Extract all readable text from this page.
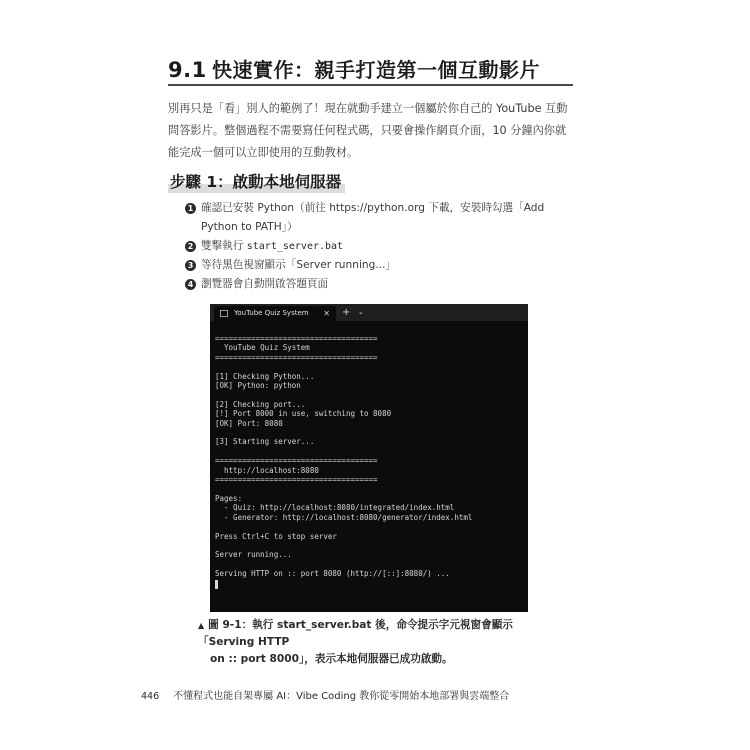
9.1 快速實作：親手打造第一個互動影片

別再只是「看」別人的範例了！現在就動手建立一個屬於你自己的 YouTube 互動問答影片。整個過程不需要寫任何程式碼，只要會操作網頁介面，10 分鐘內你就能完成一個可以立即使用的互動教材。

步驟 1：啟動本地伺服器
1 確認已安裝 Python（前往 https://python.org 下載，安裝時勾選「Add Python to PATH」）
2 雙擊執行 start_server.bat
3 等待黑色視窗顯示「Server running...」
4 瀏覽器會自動開啟答題頁面
YouTube Quiz System ✕ + ⌄
====================================
YouTube Quiz System
====================================

[1] Checking Python...
[OK] Python: python

[2] Checking port...
[!] Port 8000 in use, switching to 8080
[OK] Port: 8080

[3] Starting server...

====================================
http://localhost:8080
====================================

Pages:
- Quiz: http://localhost:8080/integrated/index.html
- Generator: http://localhost:8080/generator/index.html

Press Ctrl+C to stop server

Server running...

Serving HTTP on :: port 8080 (http://[::]:8080/) ...
▲ 圖 9-1：執行 start_server.bat 後，命令提示字元視窗會顯示「Serving HTTP
on :: port 8000」，表示本地伺服器已成功啟動。
446 不懂程式也能自架專屬 AI：Vibe Coding 教你從零開始本地部署與雲端整合
